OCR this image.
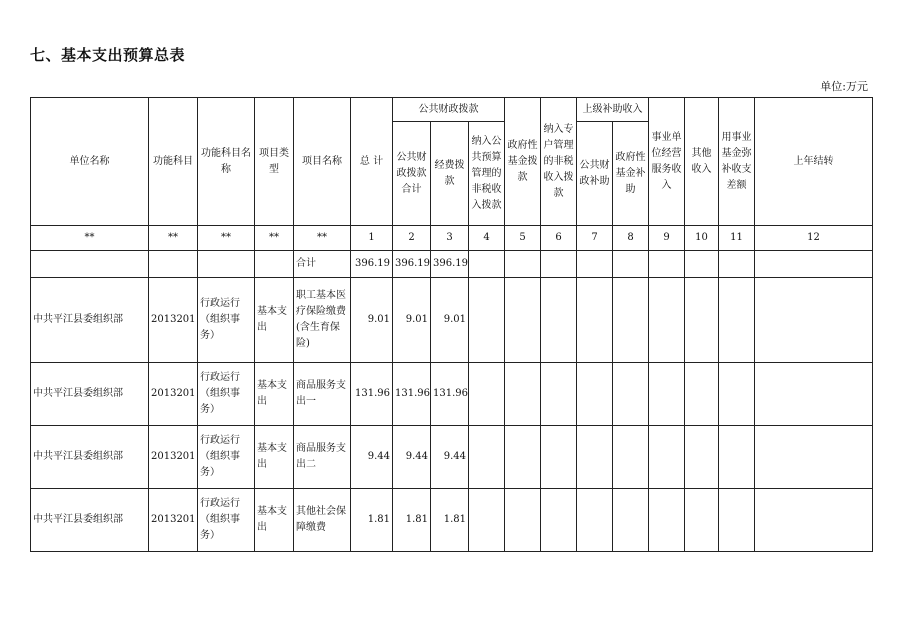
七、基本支出预算总表
单位:万元
单位名称	功能科目	功能科目名称	项目类型	项目名称	总 计	公共财政拨款			政府性基金拨款	纳入专户管理的非税收入拨款	上级补助收入		事业单位经营服务收入	其他收入	用事业基金弥补收支差额	上年结转
						公共财政拨款合计	经费拨款	纳入公共预算管理的非税收入拨款			公共财政补助	政府性基金补助				
**	**	**	**	**	1	2	3	4	5	6	7	8	9	10	11	12
				合计	396.19	396.19	396.19									
中共平江县委组织部	2013201	行政运行（组织事务）	基本支出	职工基本医疗保险缴费(含生育保险)	9.01	9.01	9.01									
中共平江县委组织部	2013201	行政运行（组织事务）	基本支出	商品服务支出一	131.96	131.96	131.96									
中共平江县委组织部	2013201	行政运行（组织事务）	基本支出	商品服务支出二	9.44	9.44	9.44									
中共平江县委组织部	2013201	行政运行（组织事务）	基本支出	其他社会保障缴费	1.81	1.81	1.81									
